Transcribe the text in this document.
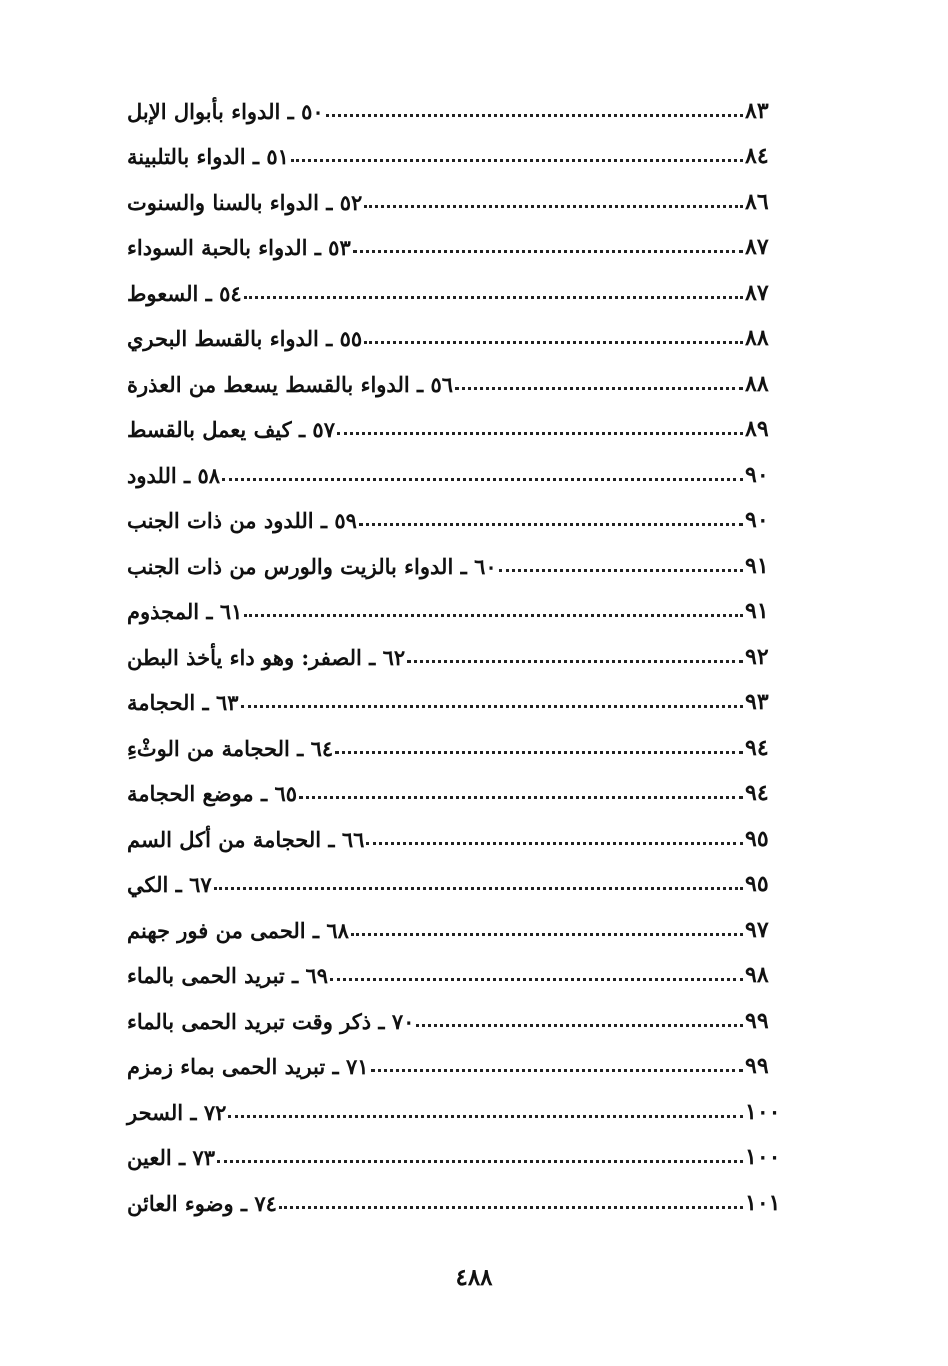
٥٠ ـ الدواء بأبوال الإبل	٨٣
٥١ ـ الدواء بالتلبينة	٨٤
٥٢ ـ الدواء بالسنا والسنوت	٨٦
٥٣ ـ الدواء بالحبة السوداء	٨٧
٥٤ ـ السعوط	٨٧
٥٥ ـ الدواء بالقسط البحري	٨٨
٥٦ ـ الدواء بالقسط يسعط من العذرة	٨٨
٥٧ ـ كيف يعمل بالقسط	٨٩
٥٨ ـ اللدود	٩٠
٥٩ ـ اللدود من ذات الجنب	٩٠
٦٠ ـ الدواء بالزيت والورس من ذات الجنب	٩١
٦١ ـ المجذوم	٩١
٦٢ ـ الصفر: وهو داء يأخذ البطن	٩٢
٦٣ ـ الحجامة	٩٣
٦٤ ـ الحجامة من الوثْءِ	٩٤
٦٥ ـ موضع الحجامة	٩٤
٦٦ ـ الحجامة من أكل السم	٩٥
٦٧ ـ الكي	٩٥
٦٨ ـ الحمى من فور جهنم	٩٧
٦٩ ـ تبريد الحمى بالماء	٩٨
٧٠ ـ ذكر وقت تبريد الحمى بالماء	٩٩
٧١ ـ تبريد الحمى بماء زمزم	٩٩
٧٢ ـ السحر	١٠٠
٧٣ ـ العين	١٠٠
٧٤ ـ وضوء العائن	١٠١
٤٨٨
